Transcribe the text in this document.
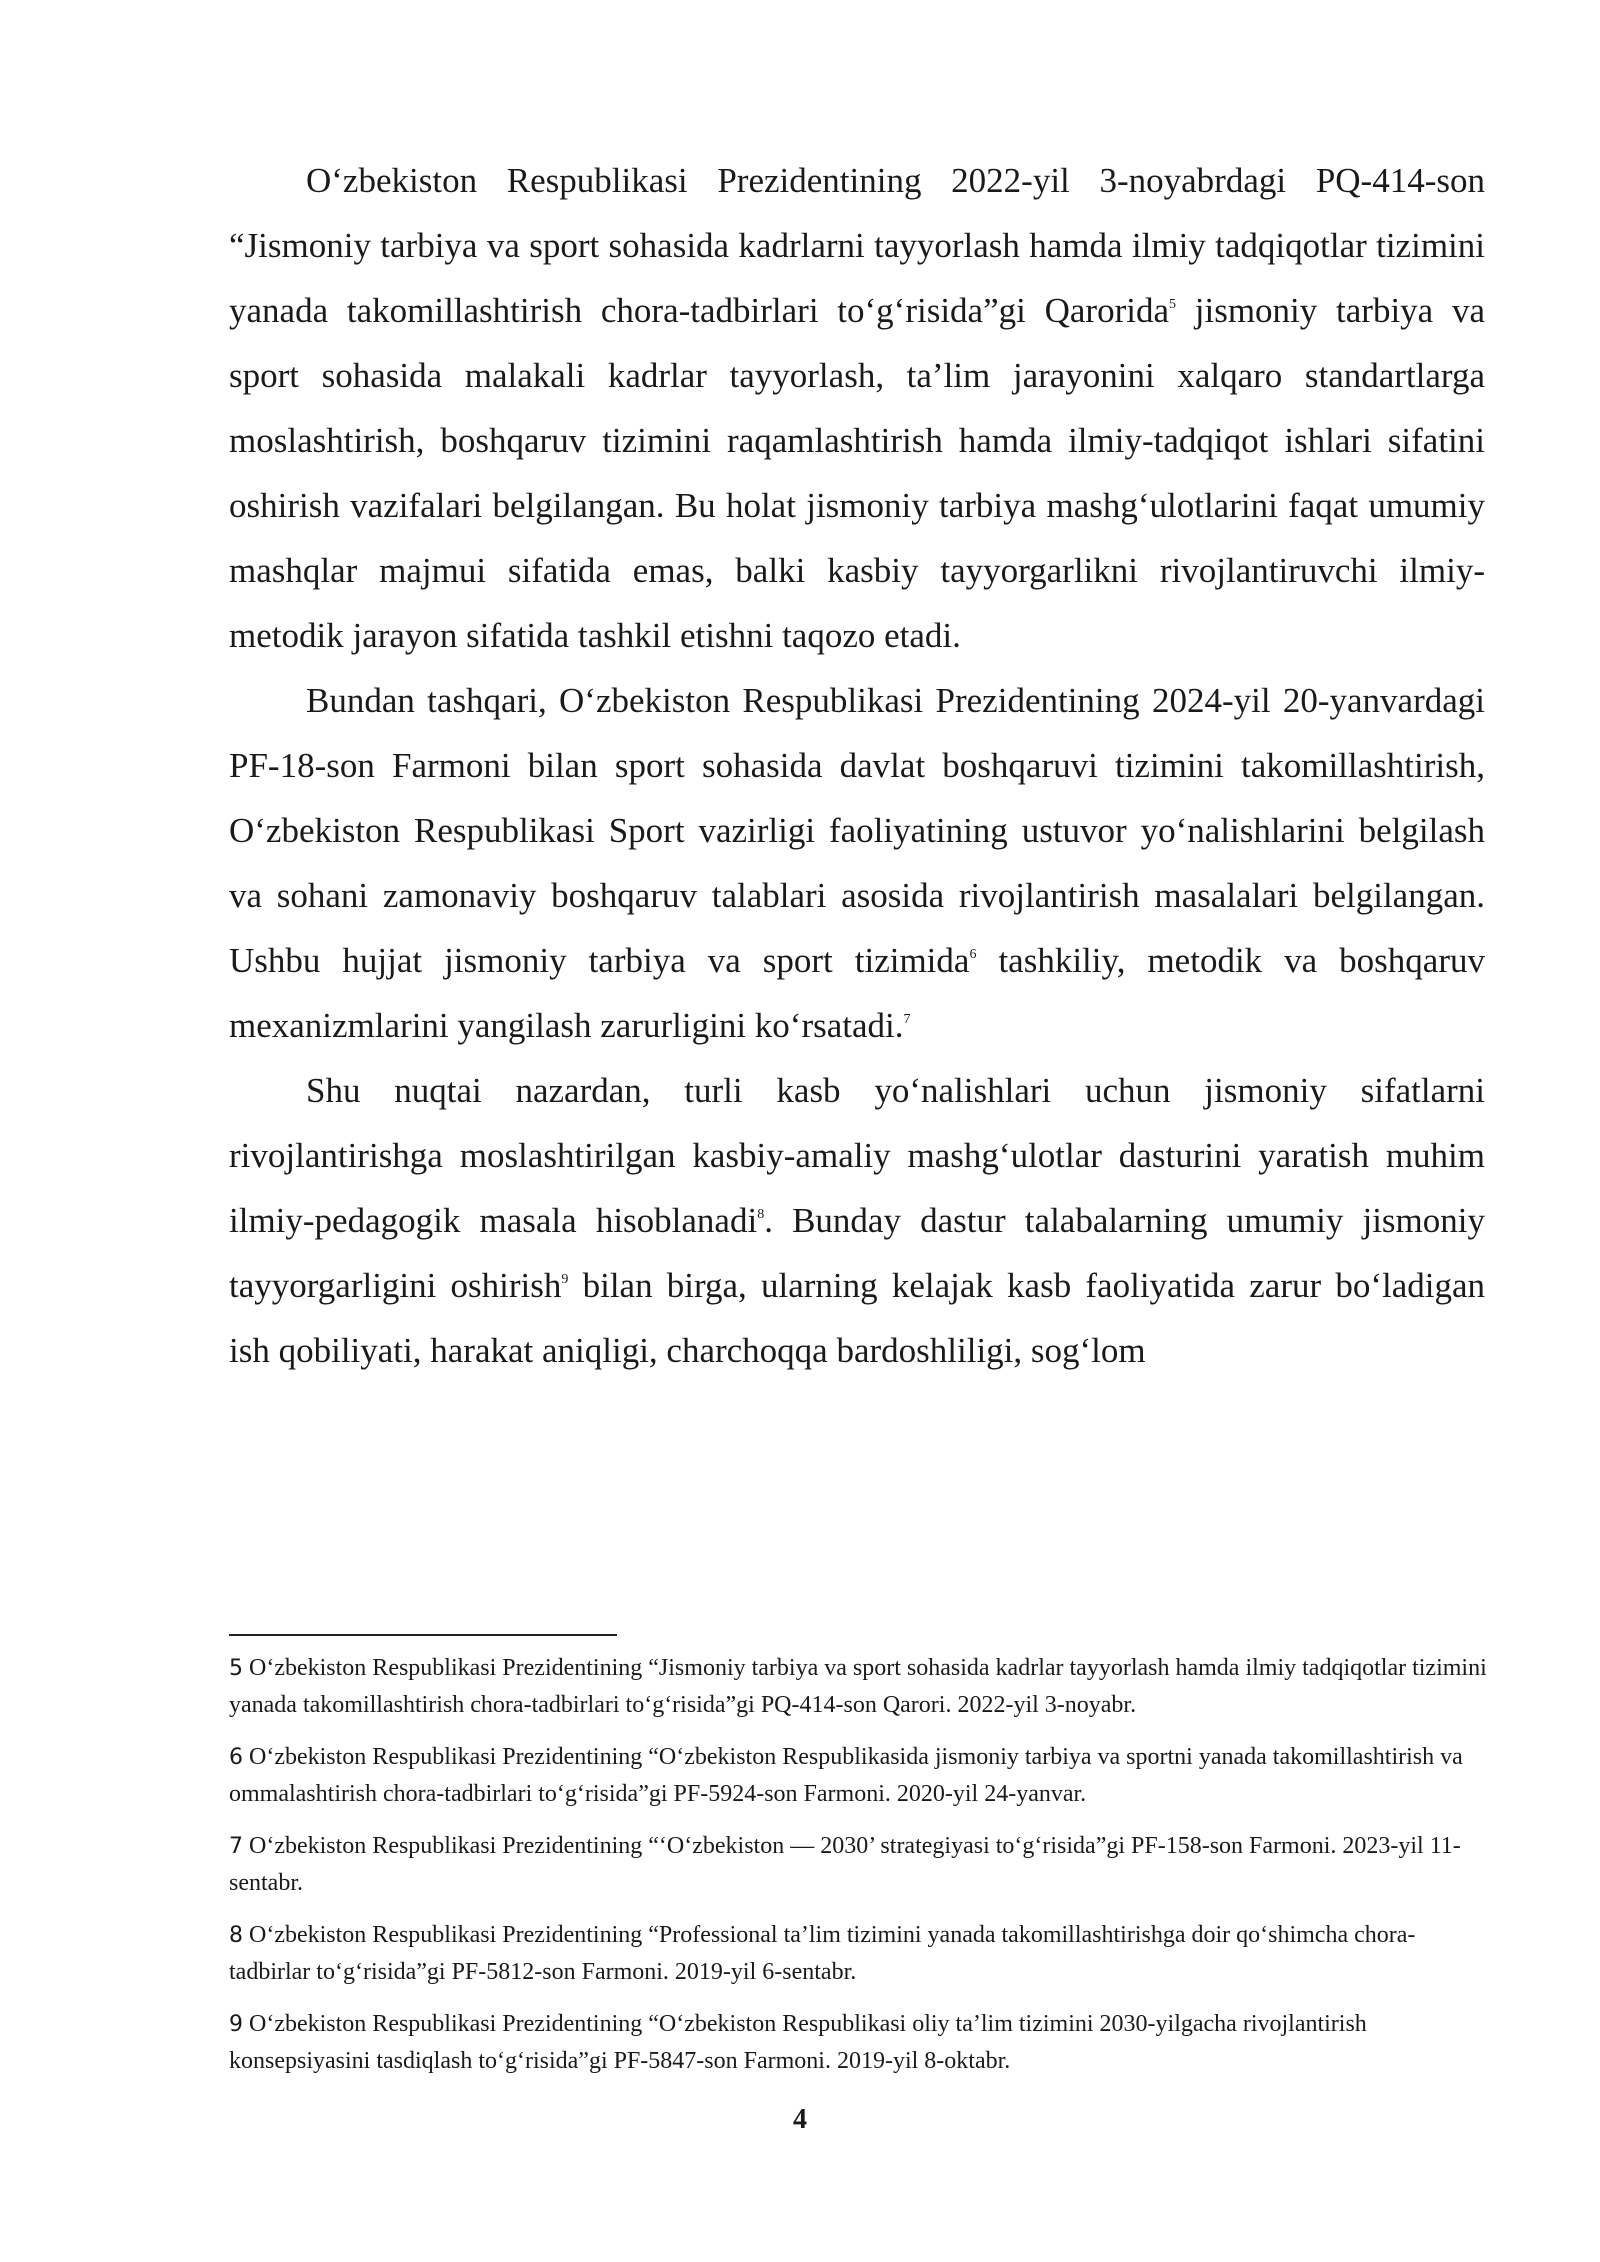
O‘zbekiston Respublikasi Prezidentining 2022-yil 3-noyabrdagi PQ-414-son “Jismoniy tarbiya va sport sohasida kadrlarni tayyorlash hamda ilmiy tadqiqotlar tizimini yanada takomillashtirish chora-tadbirlari to‘g‘risida”gi Qarorida$^5$ jismoniy tarbiya va sport sohasida malakali kadrlar tayyorlash, ta’lim jarayonini xalqaro standartlarga moslashtirish, boshqaruv tizimini raqamlashtirish hamda ilmiy-tadqiqot ishlari sifatini oshirish vazifalari belgilangan. Bu holat jismoniy tarbiya mashg‘ulotlarini faqat umumiy mashqlar majmui sifatida emas, balki kasbiy tayyorgarlikni rivojlantiruvchi ilmiy-metodik jarayon sifatida tashkil etishni taqozo etadi.

Bundan tashqari, O‘zbekiston Respublikasi Prezidentining 2024-yil 20-yanvardagi PF-18-son Farmoni bilan sport sohasida davlat boshqaruvi tizimini takomillashtirish, O‘zbekiston Respublikasi Sport vazirligi faoliyatining ustuvor yo‘nalishlarini belgilash va sohani zamonaviy boshqaruv talablari asosida rivojlantirish masalalari belgilangan. Ushbu hujjat jismoniy tarbiya va sport tizimida$^6$ tashkiliy, metodik va boshqaruv mexanizmlarini yangilash zarurligini ko‘rsatadi.$^7$

Shu nuqtai nazardan, turli kasb yo‘nalishlari uchun jismoniy sifatlarni rivojlantirishga moslashtirilgan kasbiy-amaliy mashg‘ulotlar dasturini yaratish muhim ilmiy-pedagogik masala hisoblanadi$^8$. Bunday dastur talabalarning umumiy jismoniy tayyorgarligini oshirish$^9$ bilan birga, ularning kelajak kasb faoliyatida zarur bo‘ladigan ish qobiliyati, harakat aniqligi, charchoqqa bardoshliligi, sog‘lom

5 O‘zbekiston Respublikasi Prezidentining “Jismoniy tarbiya va sport sohasida kadrlar tayyorlash hamda ilmiy tadqiqotlar tizimini yanada takomillashtirish chora-tadbirlari to‘g‘risida”gi PQ-414-son Qarori. 2022-yil 3-noyabr.

6 O‘zbekiston Respublikasi Prezidentining “O‘zbekiston Respublikasida jismoniy tarbiya va sportni yanada takomillashtirish va ommalashtirish chora-tadbirlari to‘g‘risida”gi PF-5924-son Farmoni. 2020-yil 24-yanvar.

7 O‘zbekiston Respublikasi Prezidentining “‘O‘zbekiston — 2030’ strategiyasi to‘g‘risida”gi PF-158-son Farmoni. 2023-yil 11-sentabr.

8 O‘zbekiston Respublikasi Prezidentining “Professional ta’lim tizimini yanada takomillashtirishga doir qo‘shimcha chora-tadbirlar to‘g‘risida”gi PF-5812-son Farmoni. 2019-yil 6-sentabr.

9 O‘zbekiston Respublikasi Prezidentining “O‘zbekiston Respublikasi oliy ta’lim tizimini 2030-yilgacha rivojlantirish konsepsiyasini tasdiqlash to‘g‘risida”gi PF-5847-son Farmoni. 2019-yil 8-oktabr.

4
